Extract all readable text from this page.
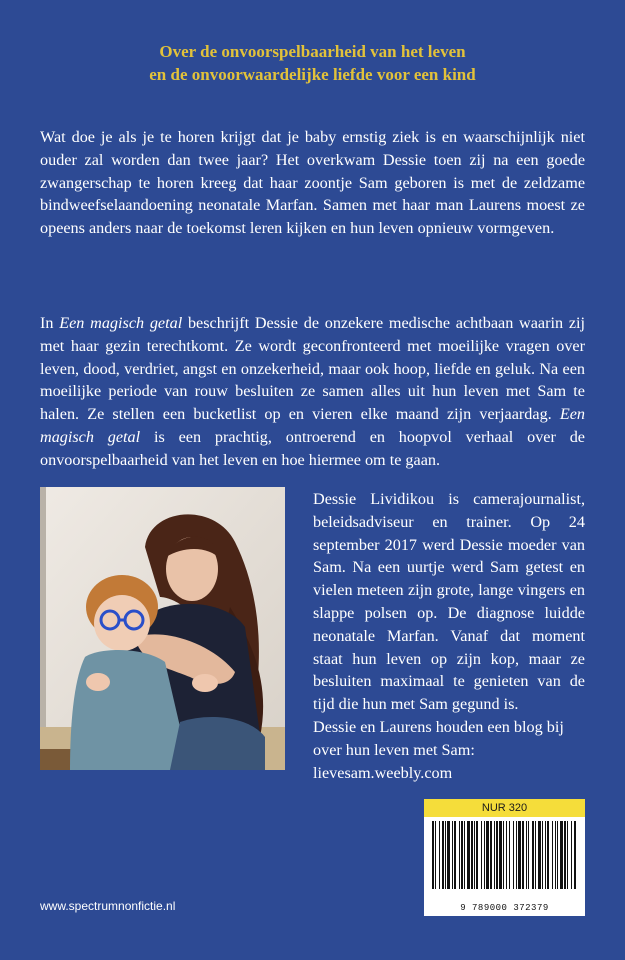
Over de onvoorspelbaarheid van het leven
en de onvoorwaardelijke liefde voor een kind

Wat doe je als je te horen krijgt dat je baby ernstig ziek is en waarschijnlijk niet ouder zal worden dan twee jaar? Het overkwam Dessie toen zij na een goede zwangerschap te horen kreeg dat haar zoontje Sam geboren is met de zeldzame bindweefselaandoening neonatale Marfan. Samen met haar man Laurens moest ze opeens anders naar de toekomst leren kijken en hun leven opnieuw vormgeven.

In Een magisch getal beschrijft Dessie de onzekere medische achtbaan waarin zij met haar gezin terechtkomt. Ze wordt geconfronteerd met moeilijke vragen over leven, dood, verdriet, angst en onzekerheid, maar ook hoop, liefde en geluk. Na een moeilijke periode van rouw besluiten ze samen alles uit hun leven met Sam te halen. Ze stellen een bucketlist op en vieren elke maand zijn verjaardag. Een magisch getal is een prachtig, ontroerend en hoopvol verhaal over de onvoorspelbaarheid van het leven en hoe hiermee om te gaan.

Dessie Lividikou is camerajournalist, beleidsadviseur en trainer. Op 24 september 2017 werd Dessie moeder van Sam. Na een uurtje werd Sam getest en vielen meteen zijn grote, lange vingers en slappe polsen op. De diagnose luidde neonatale Marfan. Vanaf dat moment staat hun leven op zijn kop, maar ze besluiten maximaal te genieten van de tijd die hun met Sam gegund is.
Dessie en Laurens houden een blog bij over hun leven met Sam: lievesam.weebly.com

NUR 320
9 789000 372379
www.spectrumnonfictie.nl
